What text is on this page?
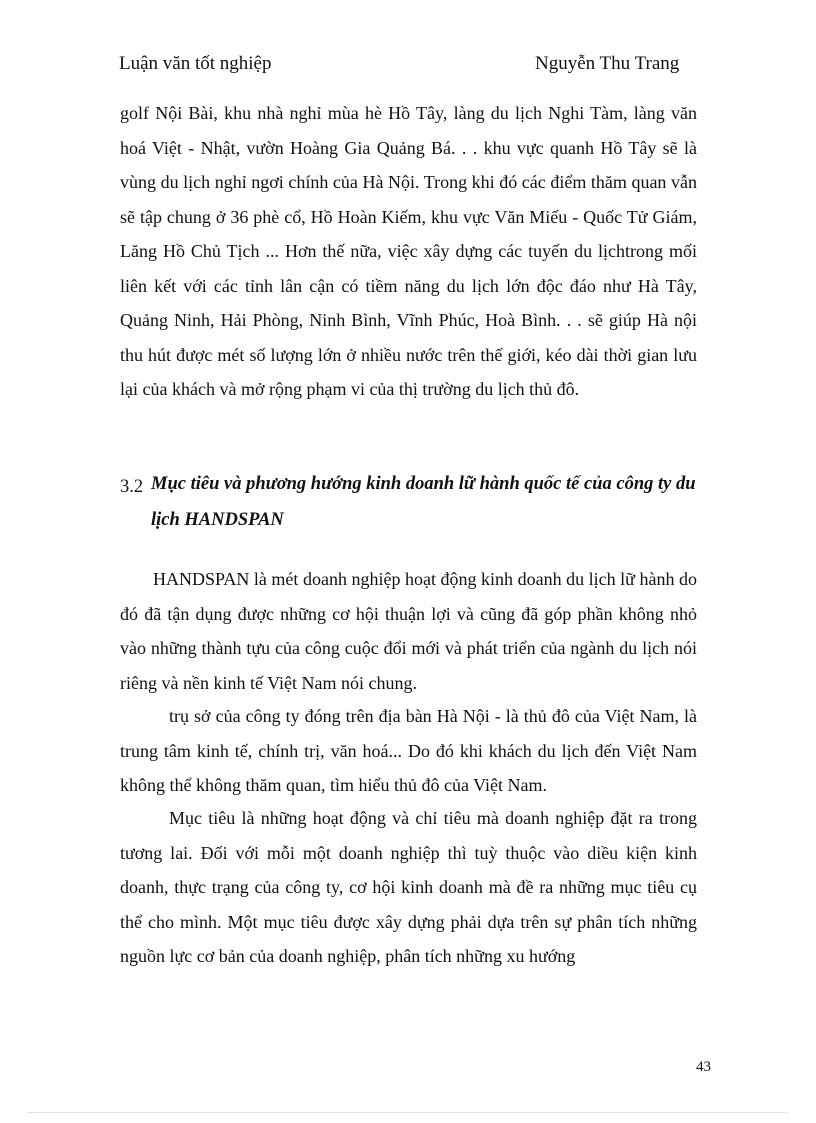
Luận văn tốt nghiệp	Nguyễn Thu Trang
golf Nội Bài, khu nhà nghỉ mùa hè Hồ Tây, làng du lịch Nghi Tàm, làng văn hoá Việt - Nhật, vườn Hoàng Gia Quảng Bá. . . khu vực quanh Hồ Tây sẽ là vùng du lịch nghỉ ngơi chính của Hà Nội. Trong khi đó các điểm thăm quan vẫn sẽ tập chung ở 36 phè cổ, Hồ Hoàn Kiếm, khu vực Văn Miếu - Quốc Tử Giám, Lăng Hồ Chủ Tịch ... Hơn thế nữa, việc xây dựng các tuyến du lịchtrong mối liên kết với các tỉnh lân cận có tiềm năng du lịch lớn độc đáo như Hà Tây, Quảng Ninh, Hải Phòng, Ninh Bình, Vĩnh Phúc, Hoà Bình. . . sẽ giúp Hà nội thu hút được mét số lượng lớn ở nhiều nước trên thế giới, kéo dài thời gian lưu lại của khách và mở rộng phạm vi của thị trường du lịch thủ đô.
3.2 Mục tiêu và phương hướng kinh doanh lữ hành quốc tế của công ty du lịch HANDSPAN
HANDSPAN là mét doanh nghiệp hoạt động kinh doanh du lịch lữ hành do đó đã tận dụng được những cơ hội thuận lợi và cũng đã góp phần không nhỏ vào những thành tựu của công cuộc đổi mới và phát triển của ngành du lịch nói riêng và nền kinh tế Việt Nam nói chung.
trụ sở của công ty đóng trên địa bàn Hà Nội - là thủ đô của Việt Nam, là trung tâm kinh tế, chính trị, văn hoá... Do đó khi khách du lịch đến Việt Nam không thể không thăm quan, tìm hiểu thủ đô của Việt Nam.
Mục tiêu là những hoạt động và chỉ tiêu mà doanh nghiệp đặt ra trong tương lai. Đối với mỗi một doanh nghiệp thì tuỳ thuộc vào diều kiện kinh doanh, thực trạng của công ty, cơ hội kinh doanh mà đề ra những mục tiêu cụ thể cho mình. Một mục tiêu được xây dựng phải dựa trên sự phân tích những nguồn lực cơ bản của doanh nghiệp, phân tích những xu hướng
43
